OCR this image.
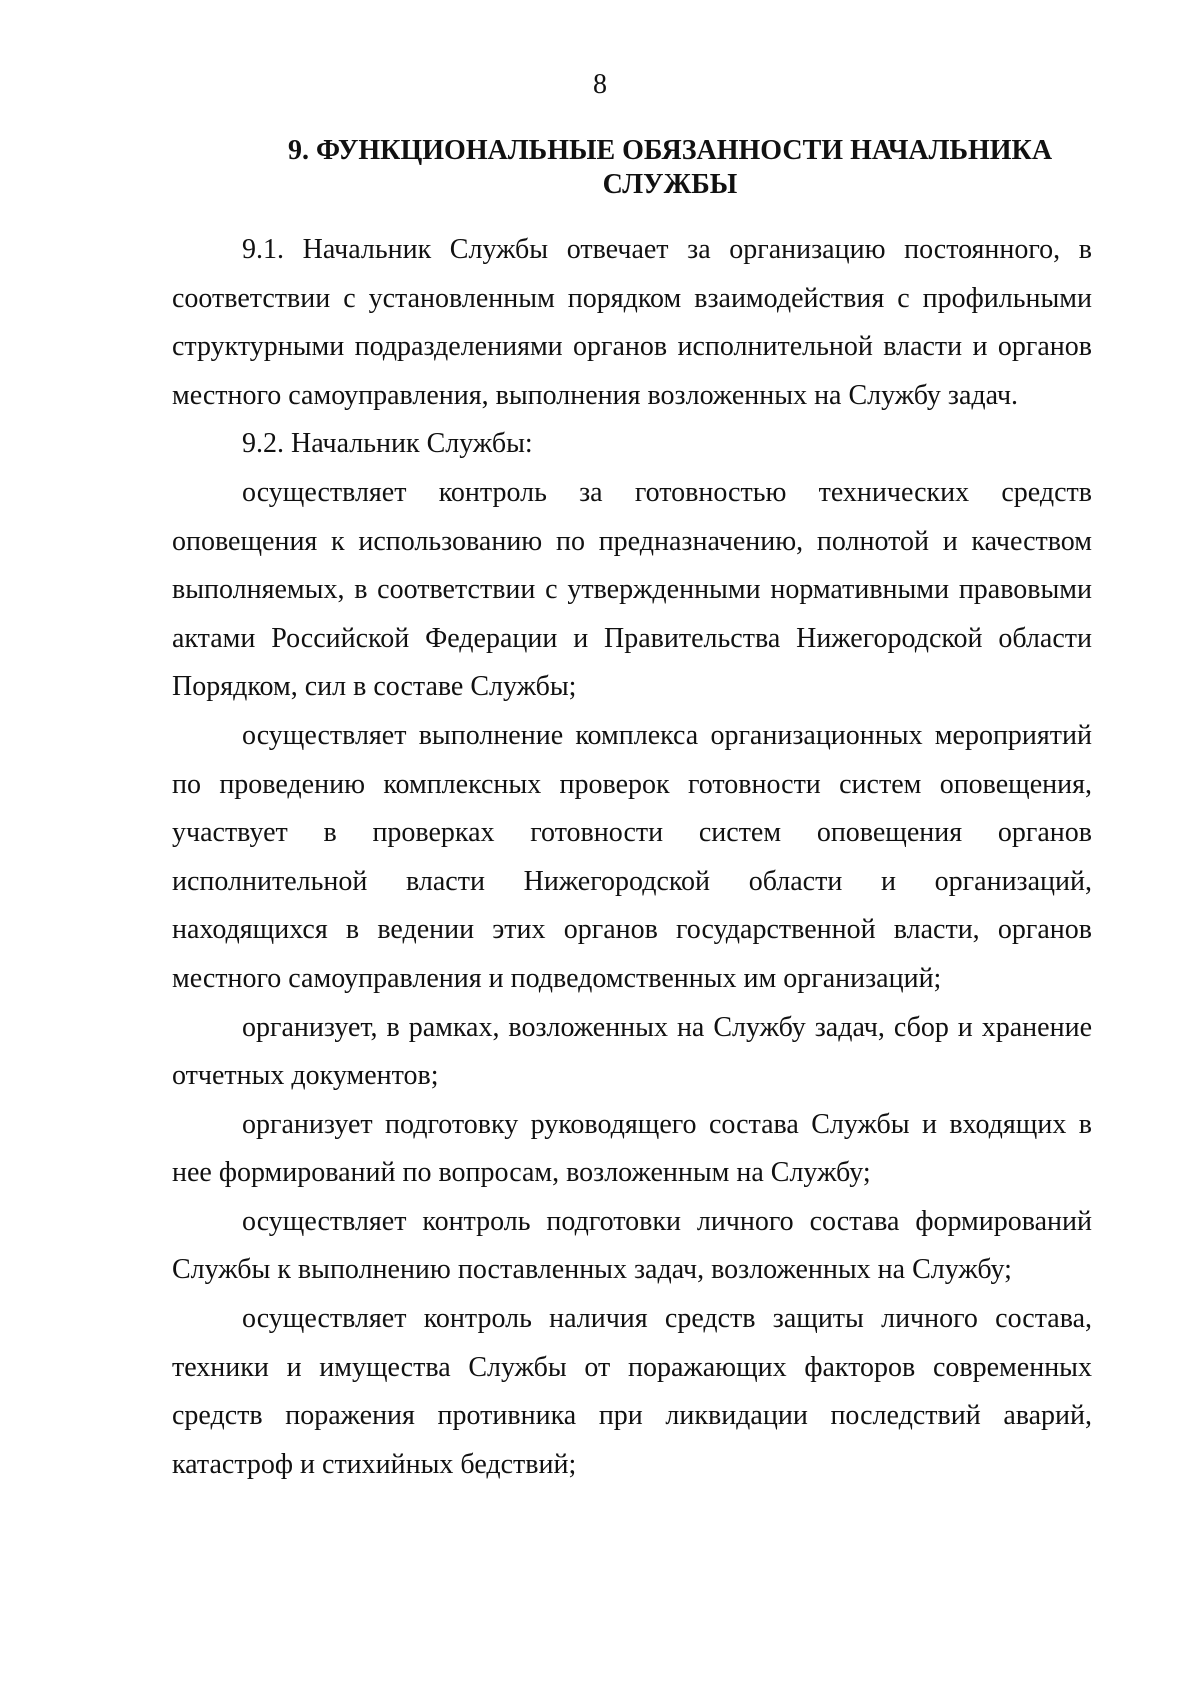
8
9. ФУНКЦИОНАЛЬНЫЕ ОБЯЗАННОСТИ НАЧАЛЬНИКА
СЛУЖБЫ

9.1. Начальник Службы отвечает за организацию постоянного, в соответствии с установленным порядком взаимодействия с профильными структурными подразделениями органов исполнительной власти и органов местного самоуправления, выполнения возложенных на Службу задач.

9.2. Начальник Службы:

осуществляет контроль за готовностью технических средств оповещения к использованию по предназначению, полнотой и качеством выполняемых, в соответствии с утвержденными нормативными правовыми актами Российской Федерации и Правительства Нижегородской области Порядком, сил в составе Службы;

осуществляет выполнение комплекса организационных мероприятий по проведению комплексных проверок готовности систем оповещения, участвует в проверках готовности систем оповещения органов исполнительной власти Нижегородской области и организаций, находящихся в ведении этих органов государственной власти, органов местного самоуправления и подведомственных им организаций;

организует, в рамках, возложенных на Службу задач, сбор и хранение отчетных документов;

организует подготовку руководящего состава Службы и входящих в нее формирований по вопросам, возложенным на Службу;

осуществляет контроль подготовки личного состава формирований Службы к выполнению поставленных задач, возложенных на Службу;

осуществляет контроль наличия средств защиты личного состава, техники и имущества Службы от поражающих факторов современных средств поражения противника при ликвидации последствий аварий, катастроф и стихийных бедствий;
